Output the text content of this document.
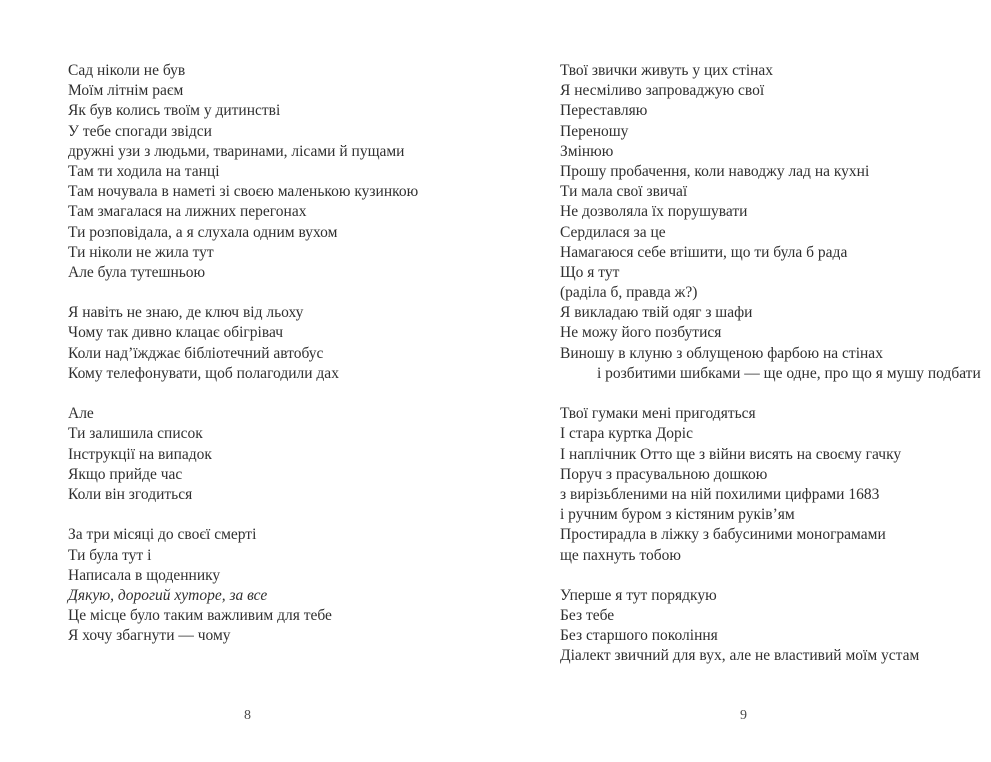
Сад ніколи не був
Моїм літнім раєм
Як був колись твоїм у дитинстві
У тебе спогади звідси
дружні узи з людьми, тваринами, лісами й пущами
Там ти ходила на танці
Там ночувала в наметі зі своєю маленькою кузинкою
Там змагалася на лижних перегонах
Ти розповідала, а я слухала одним вухом
Ти ніколи не жила тут
Але була тутешньою
Я навіть не знаю, де ключ від льоху
Чому так дивно клацає обігрівач
Коли над’їжджає бібліотечний автобус
Кому телефонувати, щоб полагодили дах
Але
Ти залишила список
Інструкції на випадок
Якщо прийде час
Коли він згодиться
За три місяці до своєї смерті
Ти була тут і
Написала в щоденнику
Дякую, дорогий хуторе, за все
Це місце було таким важливим для тебе
Я хочу збагнути — чому
Твої звички живуть у цих стінах
Я несміливо запроваджую свої
Переставляю
Переношу
Змінюю
Прошу пробачення, коли наводжу лад на кухні
Ти мала свої звичаї
Не дозволяла їх порушувати
Сердилася за це
Намагаюся себе втішити, що ти була б рада
Що я тут
(раділа б, правда ж?)
Я викладаю твій одяг з шафи
Не можу його позбутися
Виношу в клуню з облущеною фарбою на стінах
і розбитими шибками — ще одне, про що я мушу подбати
Твої гумаки мені пригодяться
І стара куртка Доріс
І наплічник Отто ще з війни висять на своєму гачку
Поруч з прасувальною дошкою
з вирізьбленими на ній похилими цифрами 1683
і ручним буром з кістяним руків’ям
Простирадла в ліжку з бабусиними монограмами
ще пахнуть тобою
Уперше я тут порядкую
Без тебе
Без старшого покоління
Діалект звичний для вух, але не властивий моїм устам
8	9
